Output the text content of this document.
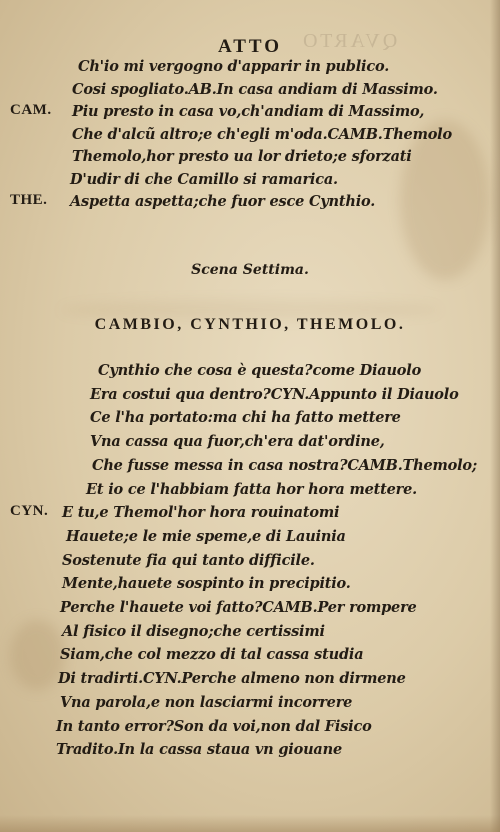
QVARTO
ATTO
Scena Settima.
CAMBIO, CYNTHIO, THEMOLO.
Ch'io mi vergogno d'apparir in publico.
Cosi spogliato.AB.In casa andiam di Massimo.
CAM. Piu presto in casa vo,ch'andiam di Massimo,
Che d'alcũ altro;e ch'egli m'oda.CAMB.Themolo
Themolo,hor presto ua lor drieto;e sforzati
D'udir di che Camillo si ramarica.
THE. Aspetta aspetta;che fuor esce Cynthio.
Cynthio che cosa è questa?come Diauolo
Era costui qua dentro?CYN.Appunto il Diauolo
Ce l'ha portato:ma chi ha fatto mettere
Vna cassa qua fuor,ch'era dat'ordine,
Che fusse messa in casa nostra?CAMB.Themolo;
Et io ce l'habbiam fatta hor hora mettere.
CYN. E tu,e Themol'hor hora rouinatomi
Hauete;e le mie speme,e di Lauinia
Sostenute fia qui tanto difficile.
Mente,hauete sospinto in precipitio.
Perche l'hauete voi fatto?CAMB.Per rompere
Al fisico il disegno;che certissimi
Siam,che col mezzo di tal cassa studia
Di tradirti.CYN.Perche almeno non dirmene
Vna parola,e non lasciarmi incorrere
In tanto error?Son da voi,non dal Fisico
Tradito.In la cassa staua vn giouane
